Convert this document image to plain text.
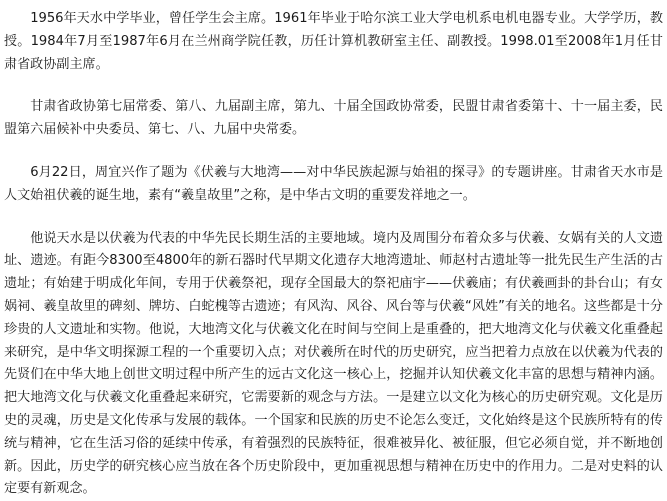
1956年天水中学毕业，曾任学生会主席。1961年毕业于哈尔滨工业大学电机系电机电器专业。大学学历，教授。1984年7月至1987年6月在兰州商学院任教，历任计算机教研室主任、副教授。1998.01至2008年1月任甘肃省政协副主席。

甘肃省政协第七届常委、第八、九届副主席，第九、十届全国政协常委，民盟甘肃省委第十、十一届主委，民盟第六届候补中央委员、第七、八、九届中央常委。

6月22日，周宜兴作了题为《伏羲与大地湾——对中华民族起源与始祖的探寻》的专题讲座。甘肃省天水市是人文始祖伏羲的诞生地，素有“羲皇故里”之称，是中华古文明的重要发祥地之一。

他说天水是以伏羲为代表的中华先民长期生活的主要地域。境内及周围分布着众多与伏羲、女娲有关的人文遗址、遗迹。有距今8300至4800年的新石器时代早期文化遗存大地湾遗址、师赵村古遗址等一批先民生产生活的古遗址；有始建于明成化年间，专用于伏羲祭祀，现存全国最大的祭祀庙宇——伏羲庙；有伏羲画卦的卦台山；有女娲祠、羲皇故里的碑刻、牌坊、白蛇槐等古遗迹；有风沟、风谷、风台等与伏羲“风姓”有关的地名。这些都是十分珍贵的人文遗址和实物。他说，大地湾文化与伏羲文化在时间与空间上是重叠的，把大地湾文化与伏羲文化重叠起来研究，是中华文明探源工程的一个重要切入点；对伏羲所在时代的历史研究，应当把着力点放在以伏羲为代表的先贤们在中华大地上创世文明过程中所产生的远古文化这一核心上，挖掘并认知伏羲文化丰富的思想与精神内涵。把大地湾文化与伏羲文化重叠起来研究，它需要新的观念与方法。一是建立以文化为核心的历史研究观。文化是历史的灵魂，历史是文化传承与发展的载体。一个国家和民族的历史不论怎么变迁，文化始终是这个民族所特有的传统与精神，它在生活习俗的延续中传承，有着强烈的民族特征，很难被异化、被征服，但它必须自觉，并不断地创新。因此，历史学的研究核心应当放在各个历史阶段中，更加重视思想与精神在历史中的作用力。二是对史料的认定要有新观念。
